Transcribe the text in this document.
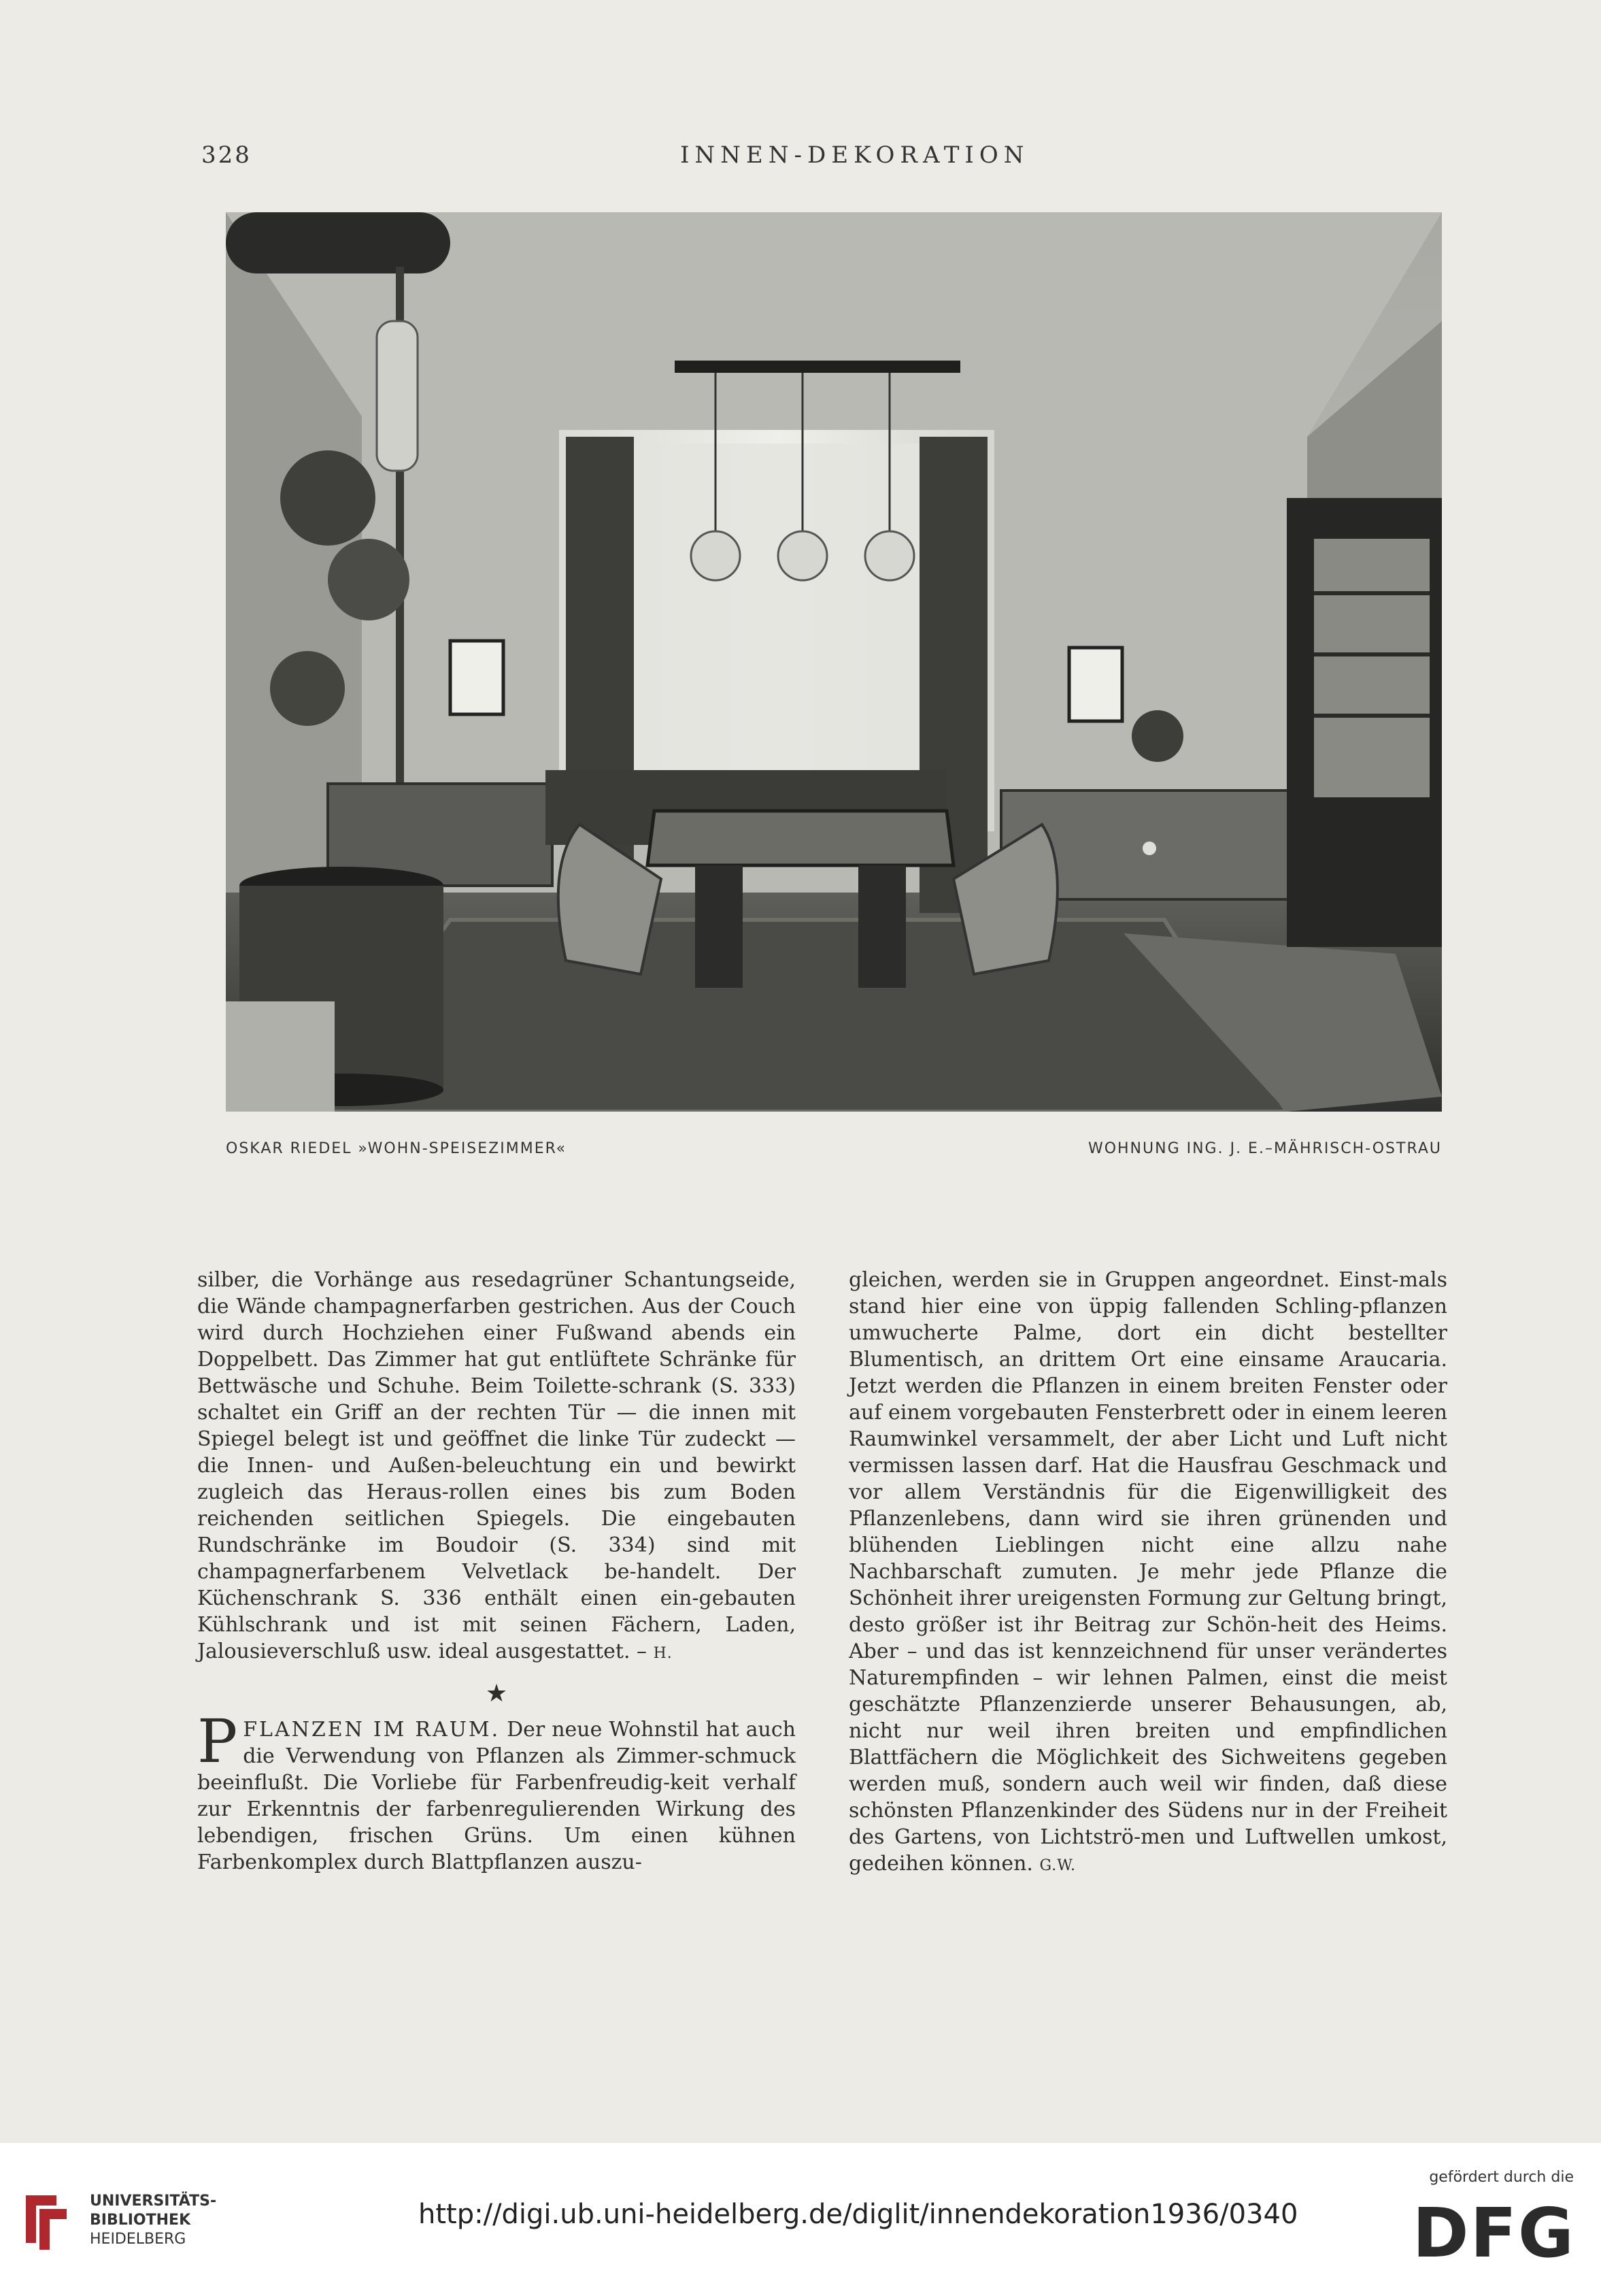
328	INNEN-DEKORATION
OSKAR RIEDEL »WOHN-SPEISEZIMMER«	WOHNUNG ING. J. E.–MÄHRISCH-OSTRAU

silber, die Vorhänge aus resedagrüner Schantungseide, die Wände champagnerfarben gestrichen. Aus der Couch wird durch Hochziehen einer Fußwand abends ein Doppelbett. Das Zimmer hat gut entlüftete Schränke für Bettwäsche und Schuhe. Beim Toilette-schrank (S. 333) schaltet ein Griff an der rechten Tür — die innen mit Spiegel belegt ist und geöffnet die linke Tür zudeckt — die Innen- und Außen-beleuchtung ein und bewirkt zugleich das Heraus-rollen eines bis zum Boden reichenden seitlichen Spiegels. Die eingebauten Rundschränke im Boudoir (S. 334) sind mit champagnerfarbenem Velvetlack be-handelt. Der Küchenschrank S. 336 enthält einen ein-gebauten Kühlschrank und ist mit seinen Fächern, Laden, Jalousieverschluß usw. ideal ausgestattet. – H.

★

P FLANZEN IM RAUM. Der neue Wohnstil hat auch die Verwendung von Pflanzen als Zimmer-schmuck beeinflußt. Die Vorliebe für Farbenfreudig-keit verhalf zur Erkenntnis der farbenregulierenden Wirkung des lebendigen, frischen Grüns. Um einen kühnen Farbenkomplex durch Blattpflanzen auszu-

gleichen, werden sie in Gruppen angeordnet. Einst-mals stand hier eine von üppig fallenden Schling-pflanzen umwucherte Palme, dort ein dicht bestellter Blumentisch, an drittem Ort eine einsame Araucaria. Jetzt werden die Pflanzen in einem breiten Fenster oder auf einem vorgebauten Fensterbrett oder in einem leeren Raumwinkel versammelt, der aber Licht und Luft nicht vermissen lassen darf. Hat die Hausfrau Geschmack und vor allem Verständnis für die Eigenwilligkeit des Pflanzenlebens, dann wird sie ihren grünenden und blühenden Lieblingen nicht eine allzu nahe Nachbarschaft zumuten. Je mehr jede Pflanze die Schönheit ihrer ureigensten Formung zur Geltung bringt, desto größer ist ihr Beitrag zur Schön-heit des Heims. Aber – und das ist kennzeichnend für unser verändertes Naturempfinden – wir lehnen Palmen, einst die meist geschätzte Pflanzenzierde unserer Behausungen, ab, nicht nur weil ihren breiten und empfindlichen Blattfächern die Möglichkeit des Sichweitens gegeben werden muß, sondern auch weil wir finden, daß diese schönsten Pflanzenkinder des Südens nur in der Freiheit des Gartens, von Lichtströ-men und Luftwellen umkost, gedeihen können. G.W.

UNIVERSITÄTS-
BIBLIOTHEK
HEIDELBERG
http://digi.ub.uni-heidelberg.de/diglit/innendekoration1936/0340
gefördert durch die
DFG
